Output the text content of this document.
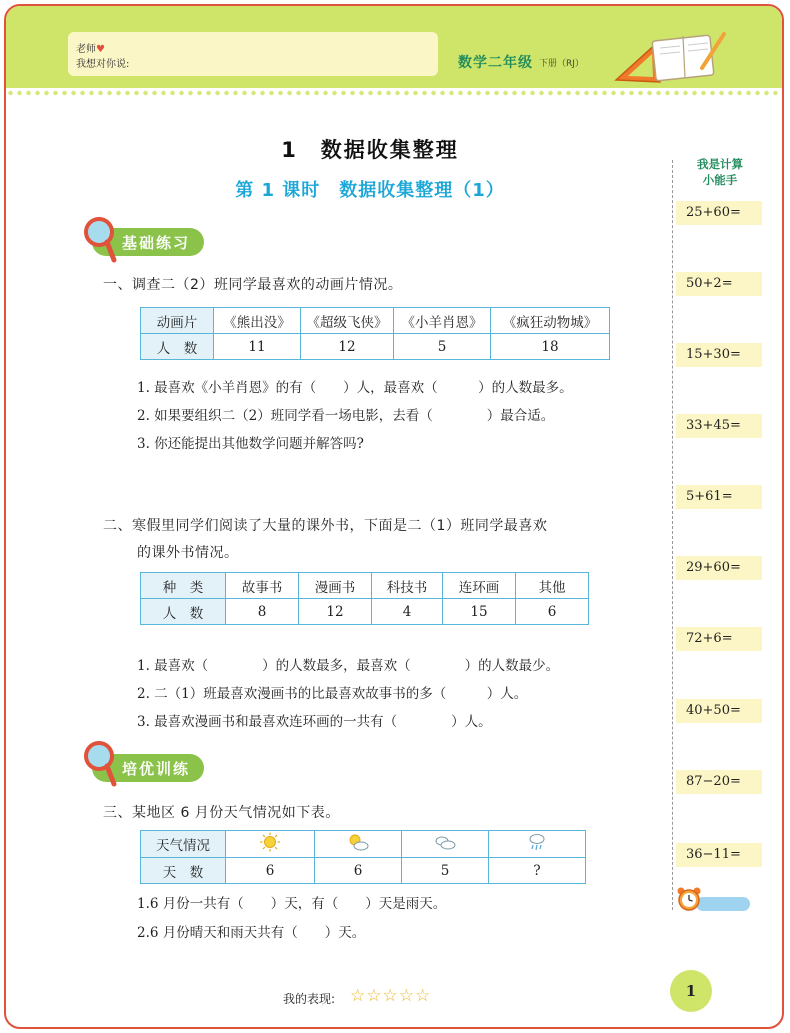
老师♥
我想对你说:	数学二年级 下册（RJ）
1　数据收集整理
第 1 课时　数据收集整理（1）
基础练习
一、调查二（2）班同学最喜欢的动画片情况。
动画片	《熊出没》	《超级飞侠》	《小羊肖恩》	《疯狂动物城》
人　数	11	12	5	18
1. 最喜欢《小羊肖恩》的有（　　）人，最喜欢（　　　）的人数最多。
2. 如果要组织二（2）班同学看一场电影，去看（　　　　）最合适。
3. 你还能提出其他数学问题并解答吗?
二、寒假里同学们阅读了大量的课外书，下面是二（1）班同学最喜欢
的课外书情况。
种　类	故事书	漫画书	科技书	连环画	其他
人　数	8	12	4	15	6
1. 最喜欢（　　　　）的人数最多，最喜欢（　　　　）的人数最少。
2. 二（1）班最喜欢漫画书的比最喜欢故事书的多（　　　）人。
3. 最喜欢漫画书和最喜欢连环画的一共有（　　　　）人。
培优训练
三、某地区 6 月份天气情况如下表。
天气情况				
天　数	6	6	5	?
1.6 月份一共有（　　）天，有（　　）天是雨天。
2.6 月份晴天和雨天共有（　　）天。
我是计算
小能手
25+60=
50+2=
15+30=
33+45=
5+61=
29+60=
72+6=
40+50=
87−20=
36−11=
我的表现: ☆☆☆☆☆	1
